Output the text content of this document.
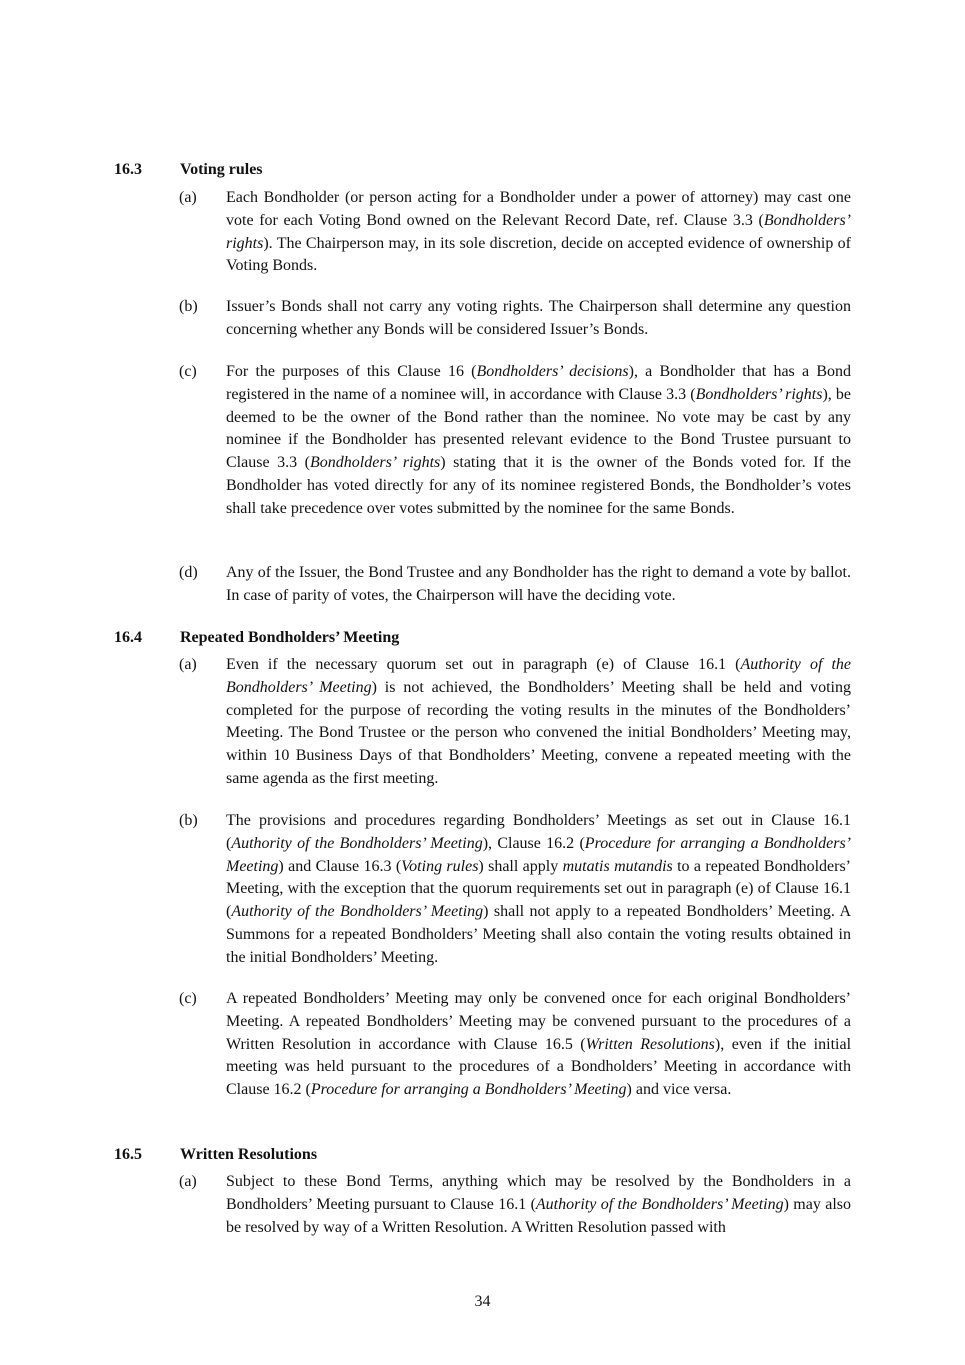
16.3 Voting rules
(a) Each Bondholder (or person acting for a Bondholder under a power of attorney) may cast one vote for each Voting Bond owned on the Relevant Record Date, ref. Clause 3.3 (Bondholders’ rights). The Chairperson may, in its sole discretion, decide on accepted evidence of ownership of Voting Bonds.
(b) Issuer’s Bonds shall not carry any voting rights. The Chairperson shall determine any question concerning whether any Bonds will be considered Issuer’s Bonds.
(c) For the purposes of this Clause 16 (Bondholders’ decisions), a Bondholder that has a Bond registered in the name of a nominee will, in accordance with Clause 3.3 (Bondholders’ rights), be deemed to be the owner of the Bond rather than the nominee. No vote may be cast by any nominee if the Bondholder has presented relevant evidence to the Bond Trustee pursuant to Clause 3.3 (Bondholders’ rights) stating that it is the owner of the Bonds voted for. If the Bondholder has voted directly for any of its nominee registered Bonds, the Bondholder’s votes shall take precedence over votes submitted by the nominee for the same Bonds.
(d) Any of the Issuer, the Bond Trustee and any Bondholder has the right to demand a vote by ballot. In case of parity of votes, the Chairperson will have the deciding vote.
16.4 Repeated Bondholders’ Meeting
(a) Even if the necessary quorum set out in paragraph (e) of Clause 16.1 (Authority of the Bondholders’ Meeting) is not achieved, the Bondholders’ Meeting shall be held and voting completed for the purpose of recording the voting results in the minutes of the Bondholders’ Meeting. The Bond Trustee or the person who convened the initial Bondholders’ Meeting may, within 10 Business Days of that Bondholders’ Meeting, convene a repeated meeting with the same agenda as the first meeting.
(b) The provisions and procedures regarding Bondholders’ Meetings as set out in Clause 16.1 (Authority of the Bondholders’ Meeting), Clause 16.2 (Procedure for arranging a Bondholders’ Meeting) and Clause 16.3 (Voting rules) shall apply mutatis mutandis to a repeated Bondholders’ Meeting, with the exception that the quorum requirements set out in paragraph (e) of Clause 16.1 (Authority of the Bondholders’ Meeting) shall not apply to a repeated Bondholders’ Meeting. A Summons for a repeated Bondholders’ Meeting shall also contain the voting results obtained in the initial Bondholders’ Meeting.
(c) A repeated Bondholders’ Meeting may only be convened once for each original Bondholders’ Meeting. A repeated Bondholders’ Meeting may be convened pursuant to the procedures of a Written Resolution in accordance with Clause 16.5 (Written Resolutions), even if the initial meeting was held pursuant to the procedures of a Bondholders’ Meeting in accordance with Clause 16.2 (Procedure for arranging a Bondholders’ Meeting) and vice versa.
16.5 Written Resolutions
(a) Subject to these Bond Terms, anything which may be resolved by the Bondholders in a Bondholders’ Meeting pursuant to Clause 16.1 (Authority of the Bondholders’ Meeting) may also be resolved by way of a Written Resolution. A Written Resolution passed with
34
